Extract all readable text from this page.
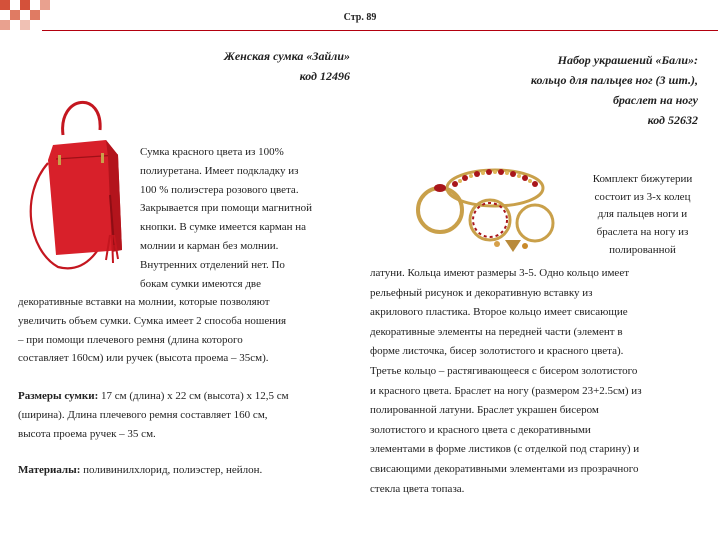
Стр. 89
Женская сумка «Зайли»
код 12496
Сумка красного цвета из 100%
полиуретана. Имеет подкладку из
100 % полиэстера розового цвета.
Закрывается при помощи магнитной
кнопки. В сумке имеется карман на
молнии и карман без молнии.
Внутренних отделений нет. По
бокам сумки имеются две
декоративные вставки на молнии, которые позволяют
увеличить объем сумки. Сумка имеет 2 способа ношения
– при помощи плечевого ремня (длина которого
составляет 160см) или ручек (высота проема – 35см).
Размеры сумки: 17 см (длина) х 22 см (высота) х 12,5 см
(ширина). Длина плечевого ремня составляет 160 см,
высота проема ручек – 35 см.
Материалы: поливинилхлорид, полиэстер, нейлон.
Набор украшений «Бали»:
кольцо для пальцев ног (3 шт.),
браслет на ногу
код 52632
Комплект бижутерии
состоит из 3-х колец
для пальцев ноги и
браслета на ногу из
полированной
латуни. Кольца имеют размеры 3-5. Одно кольцо имеет
рельефный рисунок и декоративную вставку из
акрилового пластика. Второе кольцо имеет свисающие
декоративные элементы на передней части (элемент в
форме листочка, бисер золотистого и красного цвета).
Третье кольцо – растягивающееся с бисером золотистого
и красного цвета. Браслет на ногу (размером 23+2.5см) из
полированной латуни. Браслет украшен бисером
золотистого и красного цвета с декоративными
элементами в форме листиков (с отделкой под старину) и
свисающими декоративными элементами из прозрачного
стекла цвета топаза.
